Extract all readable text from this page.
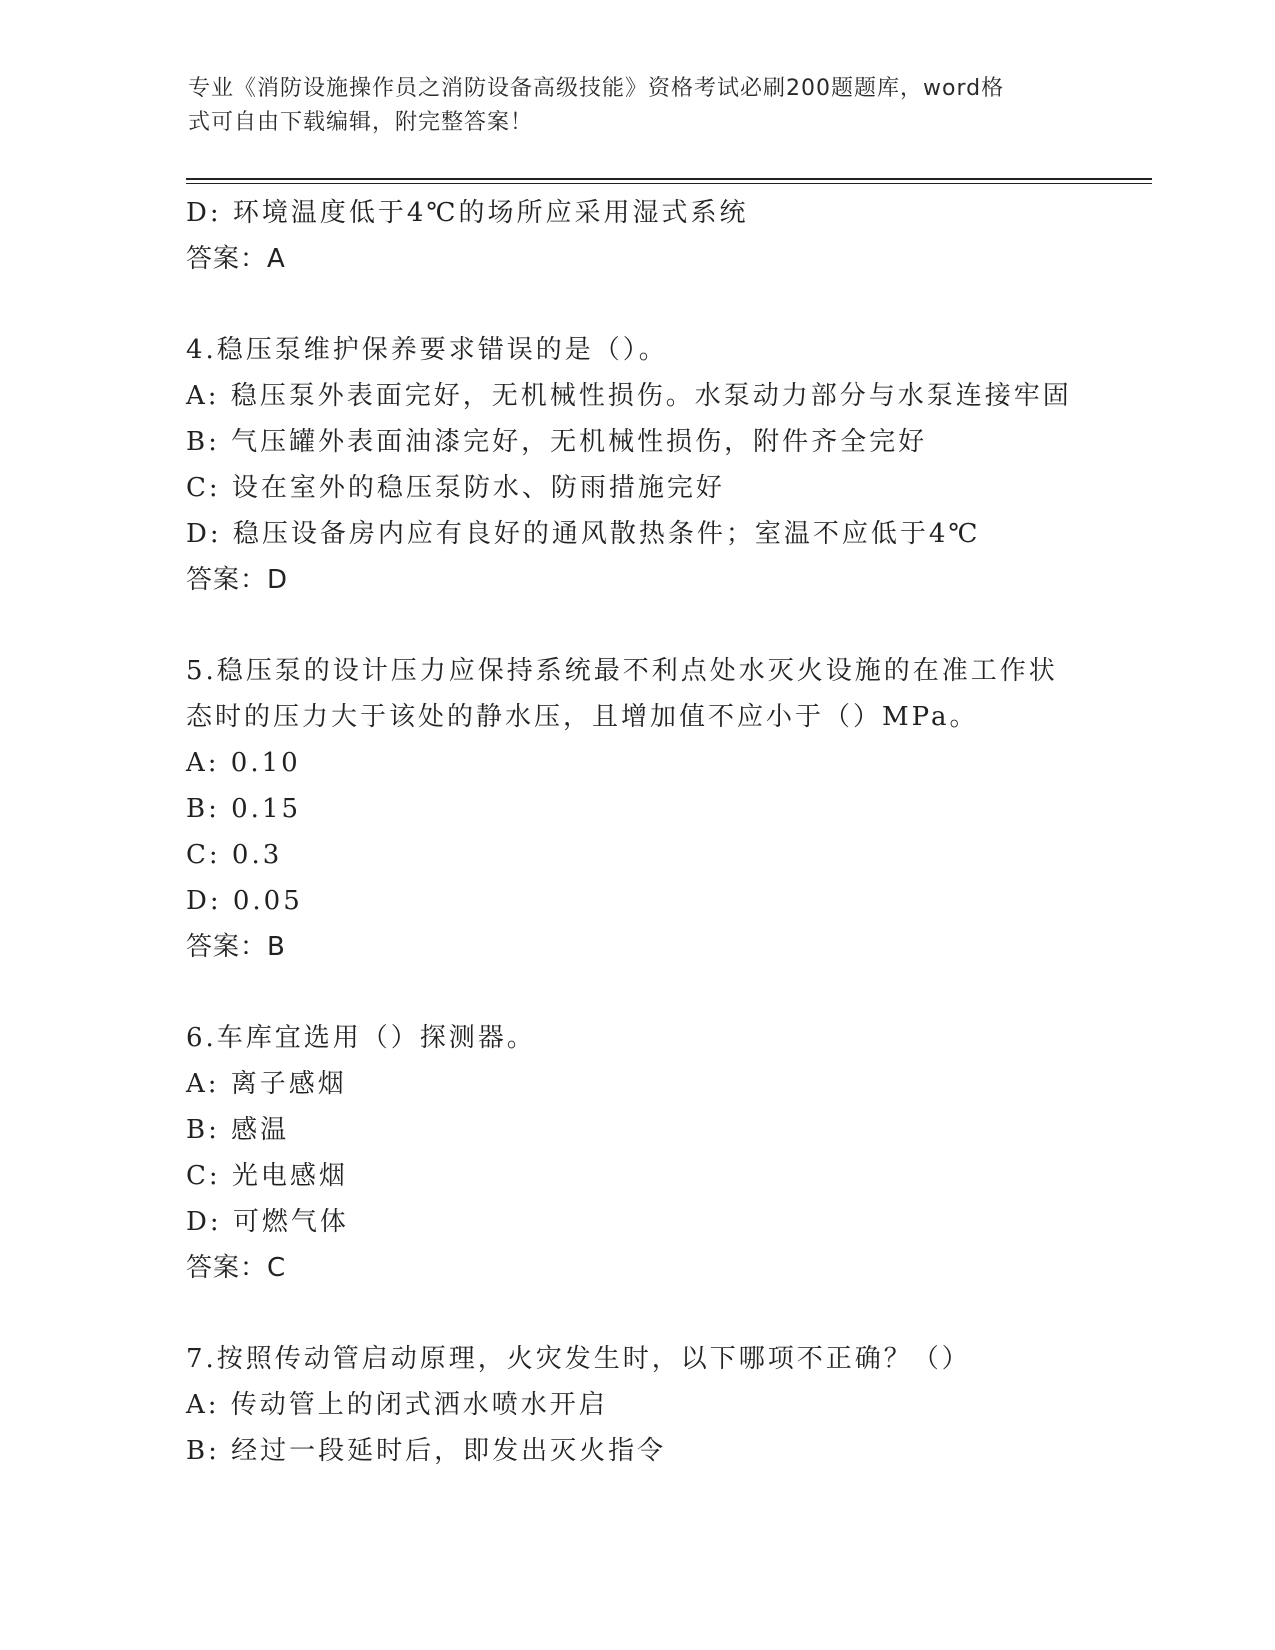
专业《消防设施操作员之消防设备高级技能》资格考试必刷200题题库，word格
式可自由下载编辑，附完整答案！
D: 环境温度低于4℃的场所应采用湿式系统
答案：A
4.稳压泵维护保养要求错误的是（）。
A: 稳压泵外表面完好，无机械性损伤。水泵动力部分与水泵连接牢固
B: 气压罐外表面油漆完好，无机械性损伤，附件齐全完好
C: 设在室外的稳压泵防水、防雨措施完好
D: 稳压设备房内应有良好的通风散热条件；室温不应低于4℃
答案：D
5.稳压泵的设计压力应保持系统最不利点处水灭火设施的在准工作状
态时的压力大于该处的静水压，且增加值不应小于（）MPa。
A: 0.10
B: 0.15
C: 0.3
D: 0.05
答案：B
6.车库宜选用（）探测器。
A: 离子感烟
B: 感温
C: 光电感烟
D: 可燃气体
答案：C
7.按照传动管启动原理，火灾发生时，以下哪项不正确？（）
A: 传动管上的闭式洒水喷水开启
B: 经过一段延时后，即发出灭火指令
